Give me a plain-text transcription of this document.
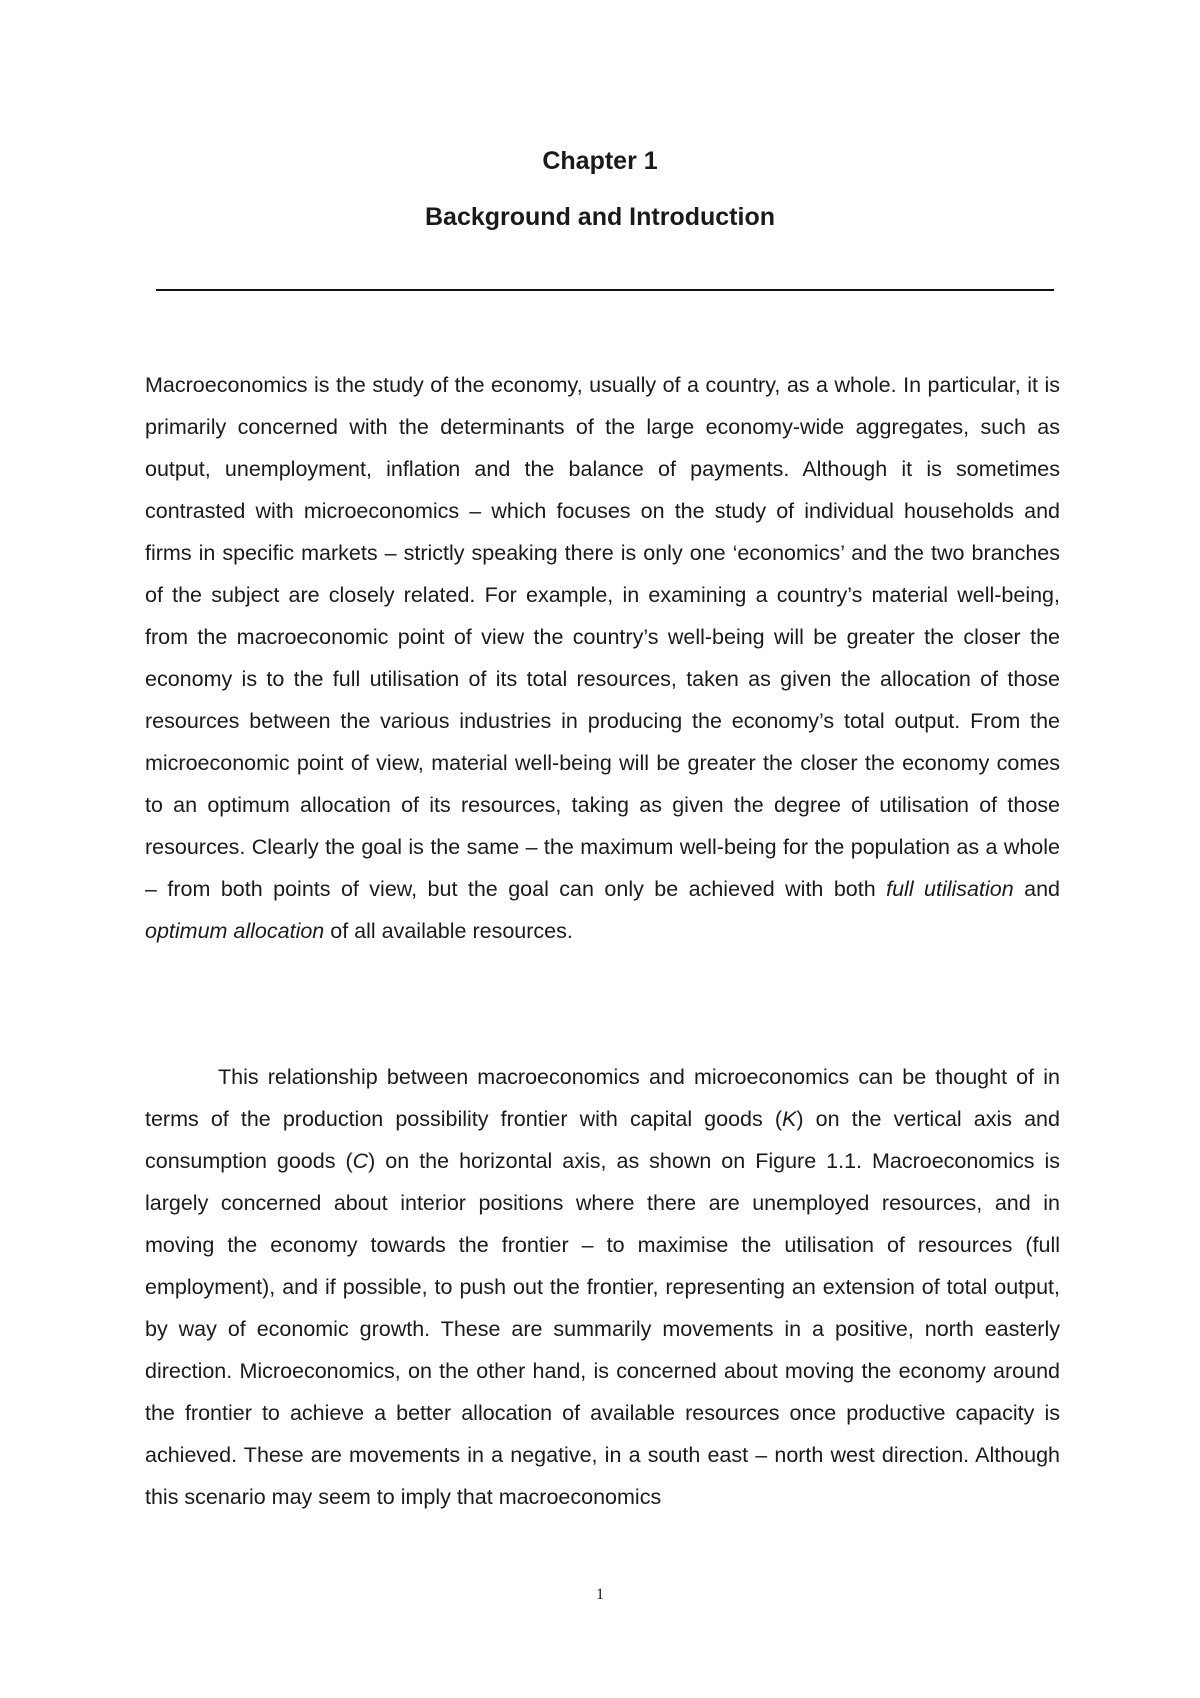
Chapter 1
Background and Introduction

Macroeconomics is the study of the economy, usually of a country, as a whole. In particular, it is primarily concerned with the determinants of the large economy-wide aggregates, such as output, unemployment, inflation and the balance of payments. Although it is sometimes contrasted with microeconomics – which focuses on the study of individual households and firms in specific markets – strictly speaking there is only one ‘economics’ and the two branches of the subject are closely related. For example, in examining a country’s material well-being, from the macroeconomic point of view the country’s well-being will be greater the closer the economy is to the full utilisation of its total resources, taken as given the allocation of those resources between the various industries in producing the economy’s total output. From the microeconomic point of view, material well-being will be greater the closer the economy comes to an optimum allocation of its resources, taking as given the degree of utilisation of those resources. Clearly the goal is the same – the maximum well-being for the population as a whole – from both points of view, but the goal can only be achieved with both full utilisation and optimum allocation of all available resources.

This relationship between macroeconomics and microeconomics can be thought of in terms of the production possibility frontier with capital goods (K) on the vertical axis and consumption goods (C) on the horizontal axis, as shown on Figure 1.1. Macroeconomics is largely concerned about interior positions where there are unemployed resources, and in moving the economy towards the frontier – to maximise the utilisation of resources (full employment), and if possible, to push out the frontier, representing an extension of total output, by way of economic growth. These are summarily movements in a positive, north easterly direction. Microeconomics, on the other hand, is concerned about moving the economy around the frontier to achieve a better allocation of available resources once productive capacity is achieved. These are movements in a negative, in a south east – north west direction. Although this scenario may seem to imply that macroeconomics

1
